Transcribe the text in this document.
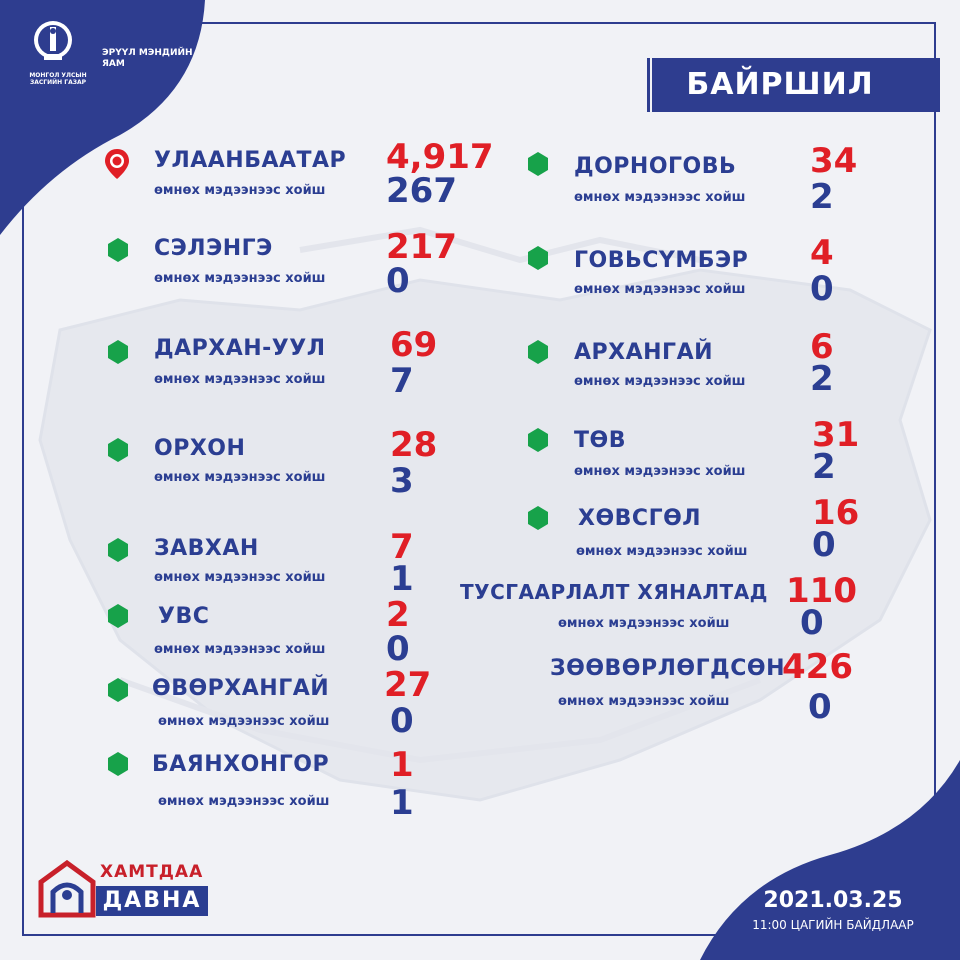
МОНГОЛ УЛСЫН ЗАСГИЙН ГАЗАР
ЭРҮҮЛ МЭНДИЙН ЯАМ
БАЙРШИЛ
УЛААНБААТАР
өмнөх мэдээнээс хойш
4,917
267
СЭЛЭНГЭ
өмнөх мэдээнээс хойш
217
0
ДАРХАН-УУЛ
өмнөх мэдээнээс хойш
69
7
ОРХОН
өмнөх мэдээнээс хойш
28
3
ЗАВХАН
өмнөх мэдээнээс хойш
7
1
УВС
өмнөх мэдээнээс хойш
2
0
ӨВӨРХАНГАЙ
өмнөх мэдээнээс хойш
27
0
БАЯНХОНГОР
өмнөх мэдээнээс хойш
1
1
ДОРНОГОВЬ
өмнөх мэдээнээс хойш
34
2
ГОВЬСҮМБЭР
өмнөх мэдээнээс хойш
4
0
АРХАНГАЙ
өмнөх мэдээнээс хойш
6
2
ТӨВ
өмнөх мэдээнээс хойш
31
2
ХӨВСГӨЛ
өмнөх мэдээнээс хойш
16
0
ТУСГААРЛАЛТ ХЯНАЛТАД
өмнөх мэдээнээс хойш
110
0
ЗӨӨВӨРЛӨГДСӨН
өмнөх мэдээнээс хойш
426
0
ХАМТДАА
ДАВНА	2021.03.25
11:00 ЦАГИЙН БАЙДЛААР
